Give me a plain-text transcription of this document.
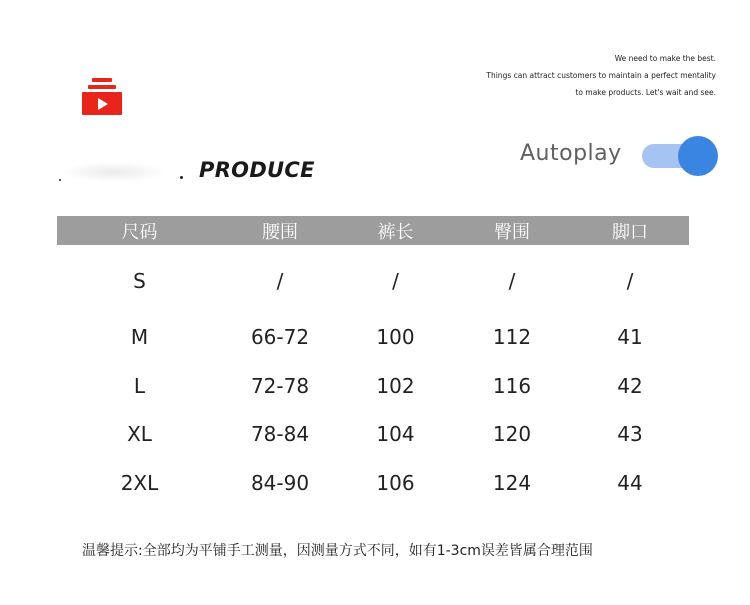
We need to make the best.
Things can attract customers to maintain a perfect mentality
to make products. Let's wait and see.
Autoplay
PRODUCE
尺码	腰围	裤长	臀围	脚口
S	/	/	/	/
M	66-72	100	112	41
L	72-78	102	116	42
XL	78-84	104	120	43
2XL	84-90	106	124	44
温馨提示:全部均为平铺手工测量，因测量方式不同，如有1-3cm误差皆属合理范围
